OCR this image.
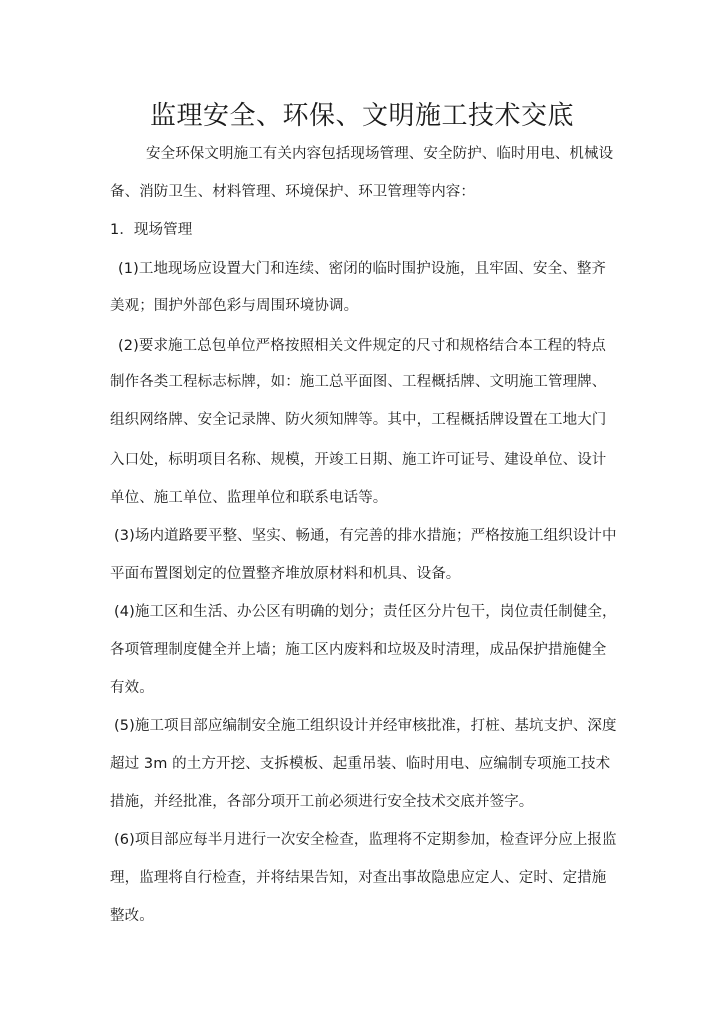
监理安全、环保、文明施工技术交底
安全环保文明施工有关内容包括现场管理、安全防护、临时用电、机械设
备、消防卫生、材料管理、环境保护、环卫管理等内容：
1．现场管理
(1)工地现场应设置大门和连续、密闭的临时围护设施，且牢固、安全、整齐
美观；围护外部色彩与周围环境协调。
(2)要求施工总包单位严格按照相关文件规定的尺寸和规格结合本工程的特点
制作各类工程标志标牌，如：施工总平面图、工程概括牌、文明施工管理牌、
组织网络牌、安全记录牌、防火须知牌等。其中，工程概括牌设置在工地大门
入口处，标明项目名称、规模，开竣工日期、施工许可证号、建设单位、设计
单位、施工单位、监理单位和联系电话等。
(3)场内道路要平整、坚实、畅通，有完善的排水措施；严格按施工组织设计中
平面布置图划定的位置整齐堆放原材料和机具、设备。
(4)施工区和生活、办公区有明确的划分；责任区分片包干，岗位责任制健全，
各项管理制度健全并上墙；施工区内废料和垃圾及时清理，成品保护措施健全
有效。
(5)施工项目部应编制安全施工组织设计并经审核批准，打桩、基坑支护、深度
超过 3m 的土方开挖、支拆模板、起重吊装、临时用电、应编制专项施工技术
措施，并经批准，各部分项开工前必须进行安全技术交底并签字。
(6)项目部应每半月进行一次安全检查，监理将不定期参加，检查评分应上报监
理，监理将自行检查，并将结果告知，对查出事故隐患应定人、定时、定措施
整改。
